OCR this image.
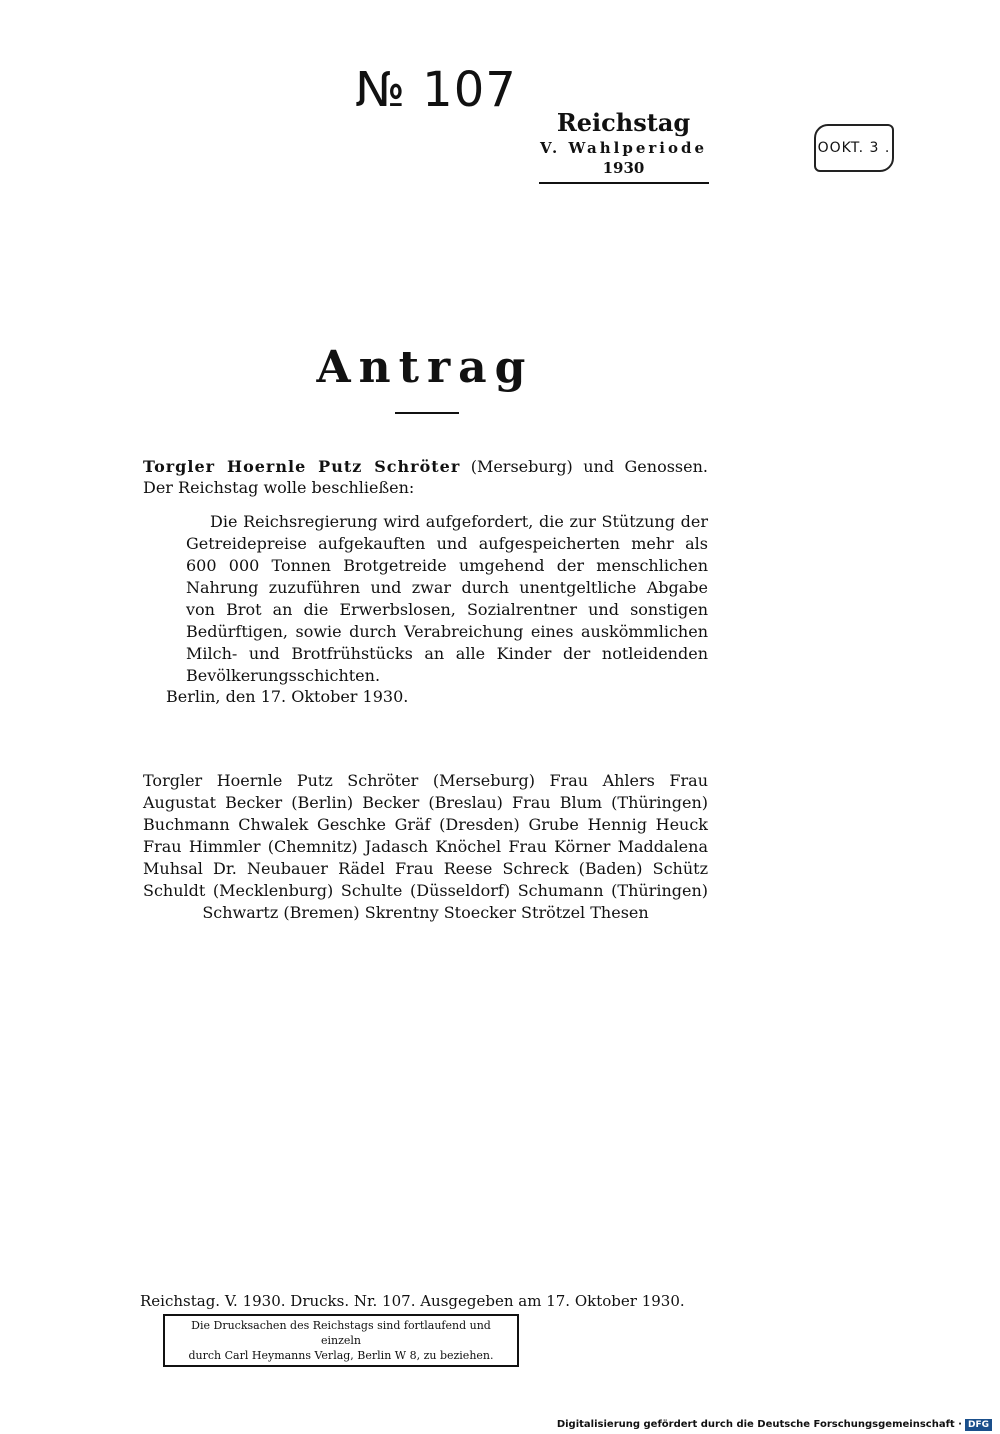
№ 107
Reichstag
V. Wahlperiode
1930
OOKT. 3 .
Antrag
Torgler Hoernle Putz Schröter (Merseburg) und Genossen. Der Reichstag wolle beschließen:
Die Reichsregierung wird aufgefordert, die zur Stützung der Getreidepreise aufgekauften und aufgespeicherten mehr als 600 000 Tonnen Brotgetreide umgehend der menschlichen Nahrung zuzuführen und zwar durch unentgeltliche Abgabe von Brot an die Erwerbslosen, Sozialrentner und sonstigen Bedürftigen, sowie durch Verabreichung eines auskömmlichen Milch- und Brotfrühstücks an alle Kinder der notleidenden Bevölkerungsschichten.
Berlin, den 17. Oktober 1930.
Torgler Hoernle Putz Schröter (Merseburg) Frau Ahlers Frau Augustat Becker (Berlin) Becker (Breslau) Frau Blum (Thüringen) Buchmann Chwalek Geschke Gräf (Dresden) Grube Hennig Heuck Frau Himmler (Chemnitz) Jadasch Knöchel Frau Körner Maddalena Muhsal Dr. Neubauer Rädel Frau Reese Schreck (Baden) Schütz Schuldt (Mecklenburg) Schulte (Düsseldorf) Schumann (Thüringen) Schwartz (Bremen) Skrentny Stoecker Strötzel Thesen
Reichstag. V. 1930. Drucks. Nr. 107. Ausgegeben am 17. Oktober 1930.
Die Drucksachen des Reichstags sind fortlaufend und einzeln
durch Carl Heymanns Verlag, Berlin W 8, zu beziehen.
Digitalisierung gefördert durch die Deutsche Forschungsgemeinschaft · DFG
